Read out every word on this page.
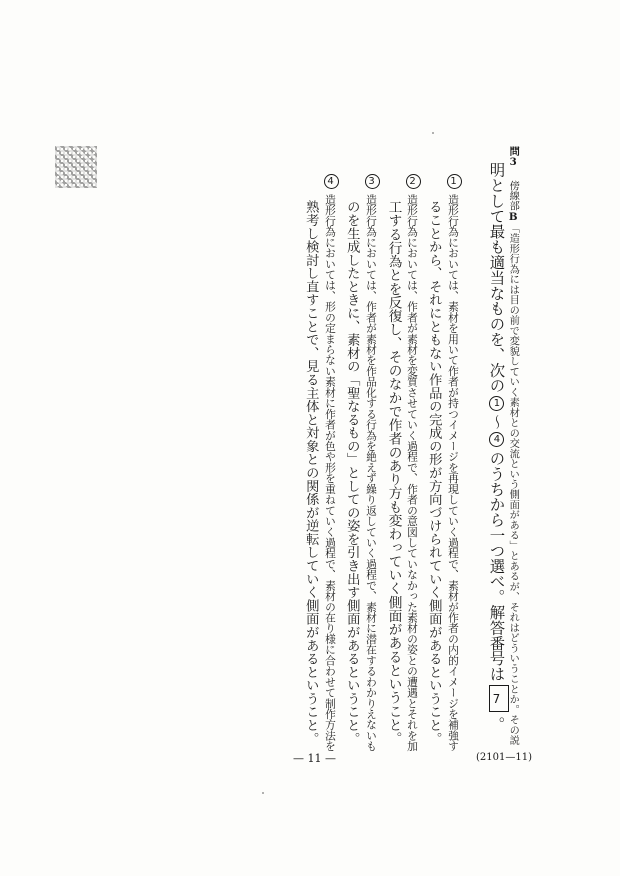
問3 傍線部B「造形行為には目の前で変貌していく素材との交流という側面がある」とあるが、それはどういうことか。その説
明として最も適当なものを、次の1〜4のうちから一つ選べ。解答番号は7。
1造形行為においては、素材を用いて作者が持つイメージを再現していく過程で、素材が作者の内的イメージを補強す
ることから、それにともない作品の完成の形が方向づけられていく側面があるということ。
2造形行為においては、作者が素材を変質させていく過程で、作者の意図していなかった素材の姿との遭遇とそれを加
工する行為とを反復し、そのなかで作者のあり方も変わっていく側面があるということ。
3造形行為においては、作者が素材を作品化する行為を絶えず繰り返していく過程で、素材に潜在するわかりえないも
のを生成したときに、素材の「聖なるもの」としての姿を引き出す側面があるということ。
4造形行為においては、形の定まらない素材に作者が色や形を重ねていく過程で、素材の在り様に合わせて制作方法を
熟考し検討し直すことで、見る主体と対象との関係が逆転していく側面があるということ。
— 11 —	(2101—11)
